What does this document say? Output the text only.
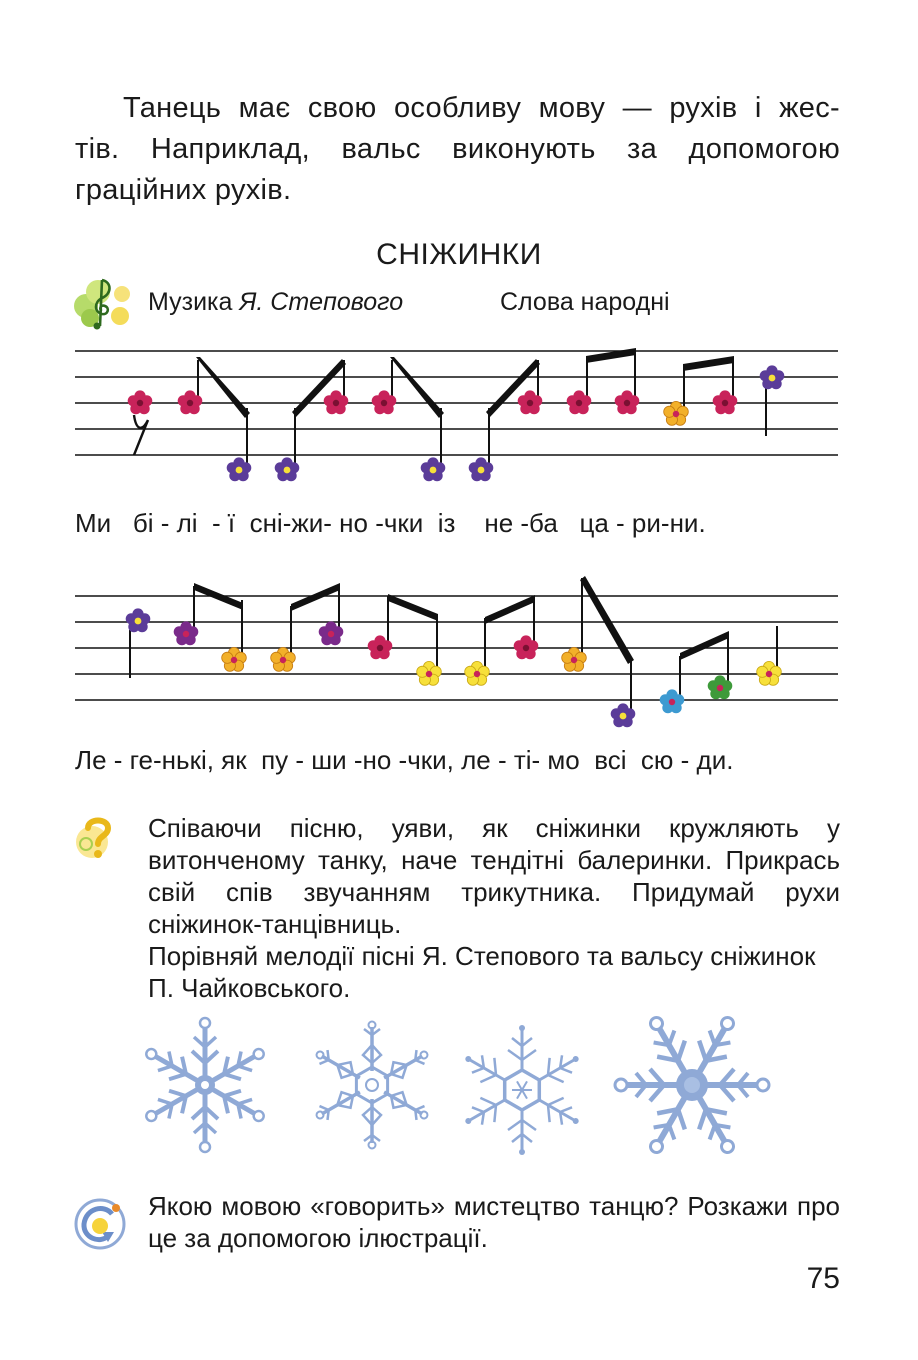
Танець має свою особливу мову — рухів і жес-

тів. Наприклад, вальс виконують за допомогою

граційних рухів.

СНІЖИНКИ
Музика Я. Степового	Слова народні
Ми   бі - лі  - ї  сні-жи- но -чки  із    не -ба   ца - ри-ни.
Ле - ге-нькі, як  пу - ши -но -чки, ле - ті- мо  всі  сю - ди.

Співаючи пісню, уяви, як сніжинки кружляють у витонченому танку, наче тендітні балеринки. Прикрась свій спів звучанням трикутника. Придумай рухи сніжинок-танцівниць.

Порівняй мелодії пісні Я. Степового та вальсу сніжинок П. Чайковського.

Якою мовою «говорить» мистецтво танцю? Розкажи про це за допомогою ілюстрації.

75
